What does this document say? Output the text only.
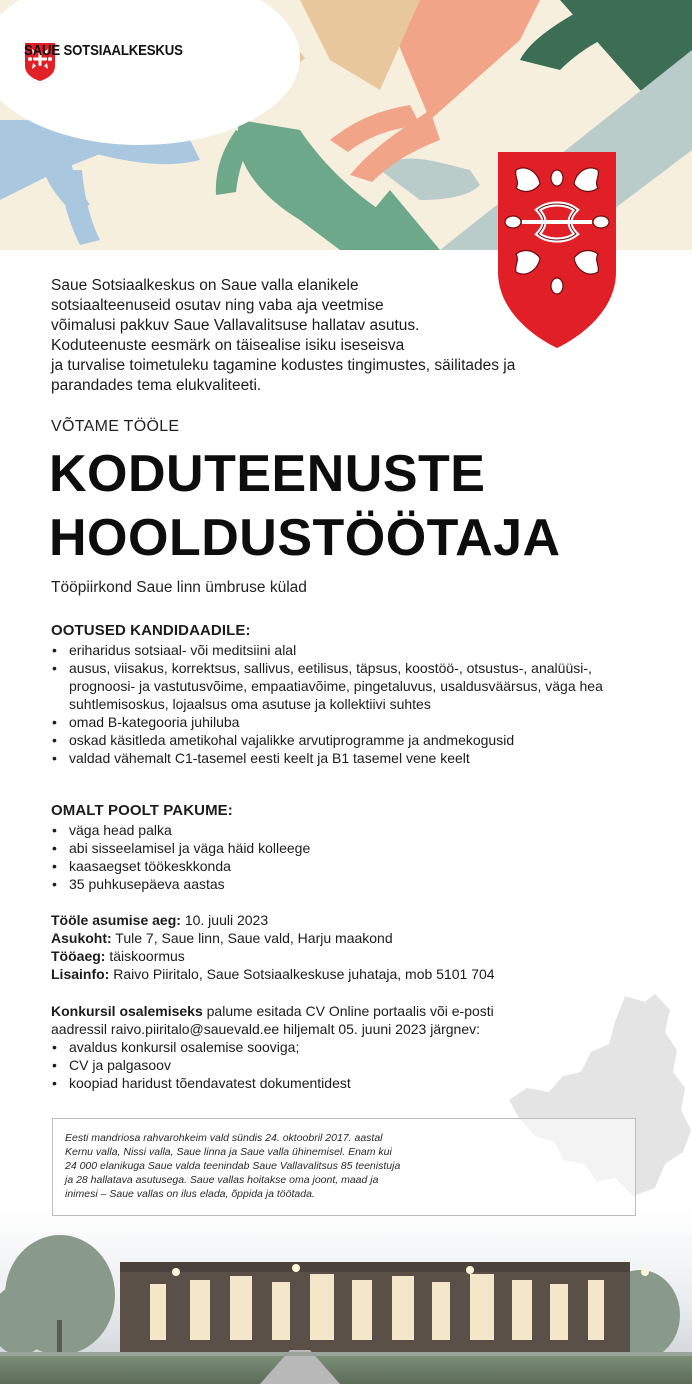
SAUE SOTSIAALKESKUS

Saue Sotsiaalkeskus on Saue valla elanikele

sotsiaalteenuseid osutav ning vaba aja veetmise

võimalusi pakkuv Saue Vallavalitsuse hallatav asutus.

Koduteenuste eesmärk on täisealise isiku iseseisva

ja turvalise toimetuleku tagamine kodustes tingimustes, säilitades ja

parandades tema elukvaliteeti.

VÕTAME TÖÖLE
KODUTEENUSTE
HOOLDUSTÖÖTAJA
Tööpiirkond Saue linn ümbruse külad
OOTUSED KANDIDAADILE:
• eriharidus sotsiaal- või meditsiini alal
• ausus, viisakus, korrektsus, sallivus, eetilisus, täpsus, koostöö-, otsustus-, analüüsi-, prognoosi- ja vastutusvõime, empaatiavõime, pingetaluvus, usaldusväärsus, väga hea suhtlemisoskus, lojaalsus oma asutuse ja kollektiivi suhtes
• omad B-kategooria juhiluba
• oskad käsitleda ametikohal vajalikke arvutiprogramme ja andmekogusid
• valdad vähemalt C1-tasemel eesti keelt ja B1 tasemel vene keelt
OMALT POOLT PAKUME:
• väga head palka
• abi sisseelamisel ja väga häid kolleege
• kaasaegset töökeskkonda
• 35 puhkusepäeva aastas
Tööle asumise aeg: 10. juuli 2023
Asukoht: Tule 7, Saue linn, Saue vald, Harju maakond
Tööaeg: täiskoormus
Lisainfo: Raivo Piiritalo, Saue Sotsiaalkeskuse juhataja, mob 5101 704

Konkursil osalemiseks palume esitada CV Online portaalis või e-posti

aadressil raivo.piiritalo@sauevald.ee hiljemalt 05. juuni 2023 järgnev:

• avaldus konkursil osalemise sooviga;
• CV ja palgasoov
• koopiad haridust tõendavatest dokumentidest
Eesti mandriosa rahvarohkeim vald sündis 24. oktoobril 2017. aastal
Kernu valla, Nissi valla, Saue linna ja Saue valla ühinemisel. Enam kui
24 000 elanikuga Saue valda teenindab Saue Vallavalitsus 85 teenistuja
ja 28 hallatava asutusega. Saue vallas hoitakse oma joont, maad ja
inimesi – Saue vallas on ilus elada, õppida ja töötada.
